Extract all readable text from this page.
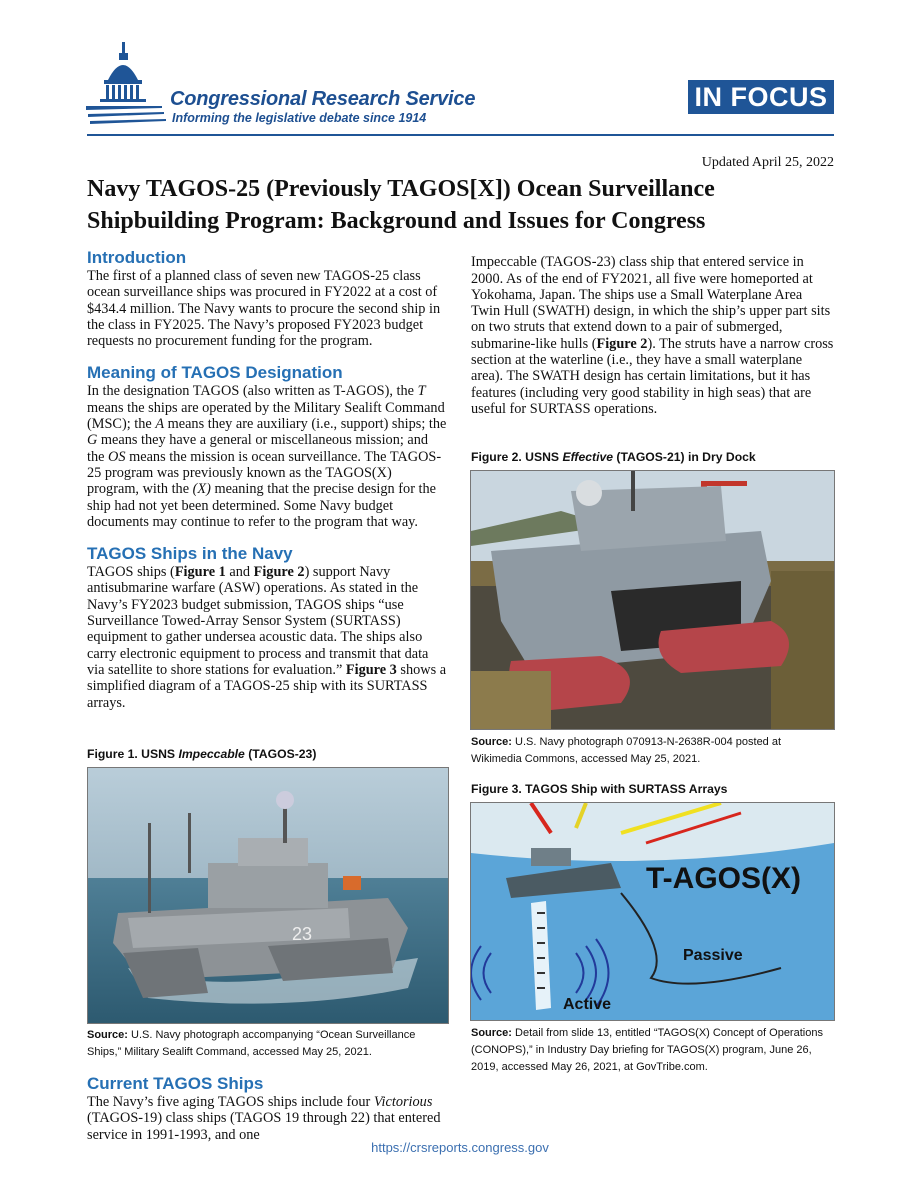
Congressional Research Service
Informing the legislative debate since 1914
IN FOCUS
Updated April 25, 2022
Navy TAGOS-25 (Previously TAGOS[X]) Ocean Surveillance Shipbuilding Program: Background and Issues for Congress
Introduction

The first of a planned class of seven new TAGOS-25 class ocean surveillance ships was procured in FY2022 at a cost of $434.4 million. The Navy wants to procure the second ship in the class in FY2025. The Navy’s proposed FY2023 budget requests no procurement funding for the program.

Meaning of TAGOS Designation

In the designation TAGOS (also written as T-AGOS), the T means the ships are operated by the Military Sealift Command (MSC); the A means they are auxiliary (i.e., support) ships; the G means they have a general or miscellaneous mission; and the OS means the mission is ocean surveillance. The TAGOS-25 program was previously known as the TAGOS(X) program, with the (X) meaning that the precise design for the ship had not yet been determined. Some Navy budget documents may continue to refer to the program that way.

TAGOS Ships in the Navy

TAGOS ships (Figure 1 and Figure 2) support Navy antisubmarine warfare (ASW) operations. As stated in the Navy’s FY2023 budget submission, TAGOS ships “use Surveillance Towed-Array Sensor System (SURTASS) equipment to gather undersea acoustic data. The ships also carry electronic equipment to process and transmit that data via satellite to shore stations for evaluation.” Figure 3 shows a simplified diagram of a TAGOS-25 ship with its SURTASS arrays.

Figure 1. USNS Impeccable (TAGOS-23)
23
Source: U.S. Navy photograph accompanying “Ocean Surveillance Ships,” Military Sealift Command, accessed May 25, 2021.
Current TAGOS Ships

The Navy’s five aging TAGOS ships include four Victorious (TAGOS-19) class ships (TAGOS 19 through 22) that entered service in 1991-1993, and one

Impeccable (TAGOS-23) class ship that entered service in 2000. As of the end of FY2021, all five were homeported at Yokohama, Japan. The ships use a Small Waterplane Area Twin Hull (SWATH) design, in which the ship’s upper part sits on two struts that extend down to a pair of submerged, submarine-like hulls (Figure 2). The struts have a narrow cross section at the waterline (i.e., they have a small waterplane area). The SWATH design has certain limitations, but it has features (including very good stability in high seas) that are useful for SURTASS operations.

Figure 2. USNS Effective (TAGOS-21) in Dry Dock
Source: U.S. Navy photograph 070913-N-2638R-004 posted at Wikimedia Commons, accessed May 25, 2021.
Figure 3. TAGOS Ship with SURTASS Arrays
T-AGOS(X)
Passive
Active
Source: Detail from slide 13, entitled “TAGOS(X) Concept of Operations (CONOPS),” in Industry Day briefing for TAGOS(X) program, June 26, 2019, accessed May 26, 2021, at GovTribe.com.
https://crsreports.congress.gov
